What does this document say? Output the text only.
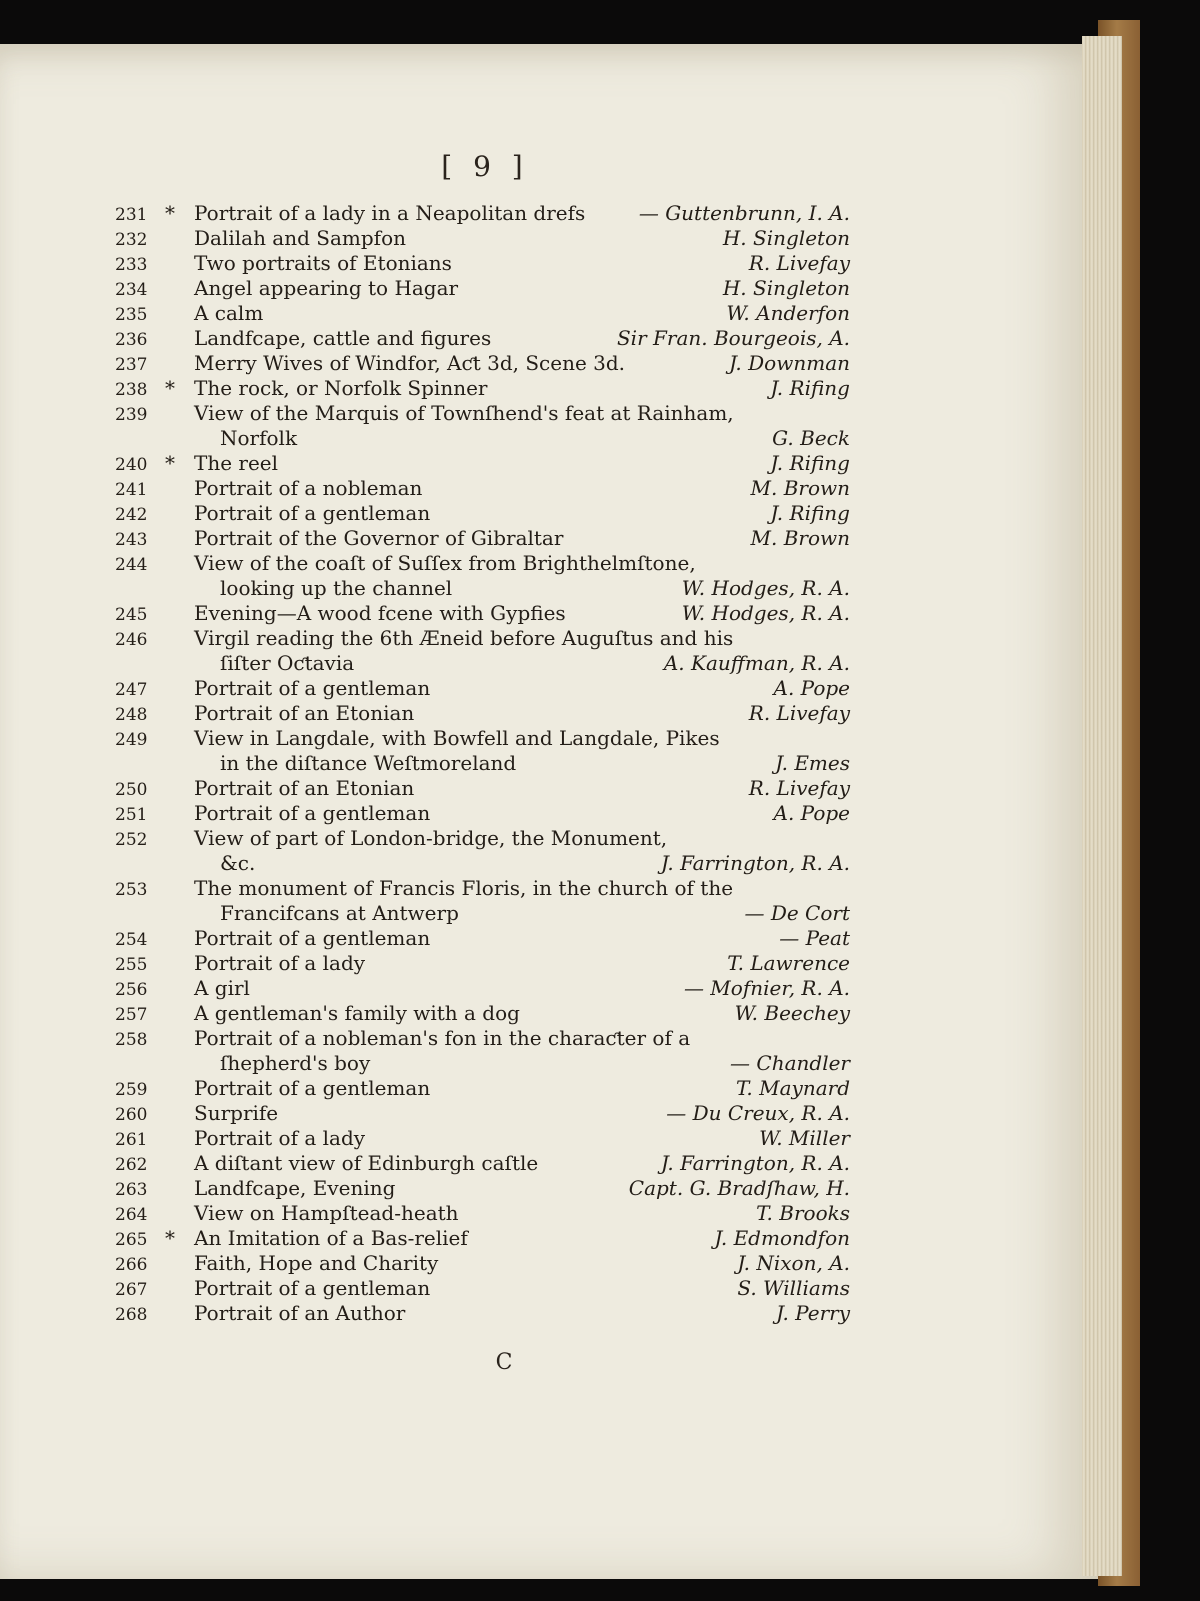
[ 9 ]
231 * Portrait of a lady in a Neapolitan drefs	— Guttenbrunn, I. A.
232 Dalilah and Sampfon	H. Singleton
233 Two portraits of Etonians	R. Livefay
234 Angel appearing to Hagar	H. Singleton
235 A calm	W. Anderfon
236 Landfcape, cattle and figures	Sir Fran. Bourgeois, A.
237 Merry Wives of Windfor, Aƈt 3d, Scene 3d.	J. Downman
238 * The rock, or Norfolk Spinner	J. Rifing
239 View of the Marquis of Townſhend's feat at Rainham,
Norfolk	G. Beck
240 * The reel	J. Rifing
241 Portrait of a nobleman	M. Brown
242 Portrait of a gentleman	J. Rifing
243 Portrait of the Governor of Gibraltar	M. Brown
244 View of the coaſt of Suſſex from Brighthelmſtone,
looking up the channel	W. Hodges, R. A.
245 Evening—A wood fcene with Gypfies	W. Hodges, R. A.
246 Virgil reading the 6th Æneid before Auguſtus and his
ſiſter Oƈtavia	A. Kauffman, R. A.
247 Portrait of a gentleman	A. Pope
248 Portrait of an Etonian	R. Livefay
249 View in Langdale, with Bowfell and Langdale, Pikes
in the diſtance Weſtmoreland	J. Emes
250 Portrait of an Etonian	R. Livefay
251 Portrait of a gentleman	A. Pope
252 View of part of London-bridge, the Monument,
&c.	J. Farrington, R. A.
253 The monument of Francis Floris, in the church of the
Francifcans at Antwerp	— De Cort
254 Portrait of a gentleman	— Peat
255 Portrait of a lady	T. Lawrence
256 A girl	— Mofnier, R. A.
257 A gentleman's family with a dog	W. Beechey
258 Portrait of a nobleman's fon in the charaƈter of a
ſhepherd's boy	— Chandler
259 Portrait of a gentleman	T. Maynard
260 Surprife	— Du Creux, R. A.
261 Portrait of a lady	W. Miller
262 A diſtant view of Edinburgh caſtle	J. Farrington, R. A.
263 Landfcape, Evening	Capt. G. Bradſhaw, H.
264 View on Hampſtead-heath	T. Brooks
265 * An Imitation of a Bas-relief	J. Edmondfon
266 Faith, Hope and Charity	J. Nixon, A.
267 Portrait of a gentleman	S. Williams
268 Portrait of an Author	J. Perry
C
